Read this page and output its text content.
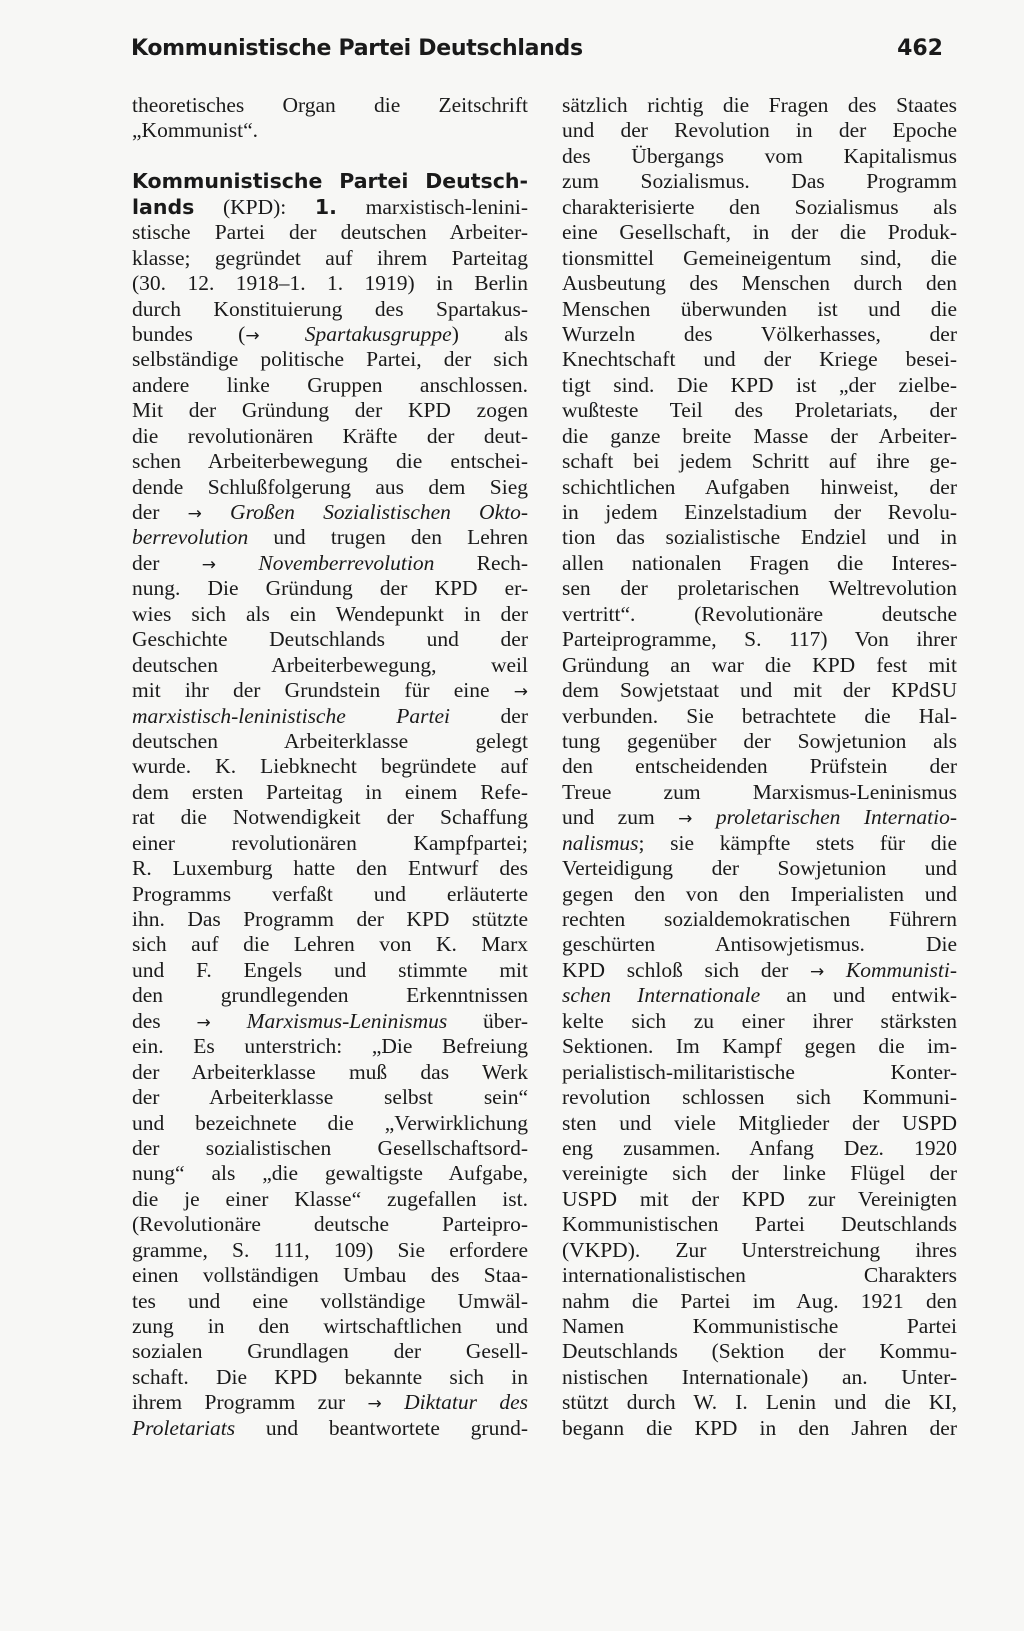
Kommunistische Partei Deutschlands	462
theoretisches Organ die Zeitschrift
„Kommunist“.
Kommunistische Partei Deutsch-
lands (KPD): 1. marxistisch-lenini-
stische Partei der deutschen Arbeiter-
klasse; gegründet auf ihrem Parteitag
(30. 12. 1918–1. 1. 1919) in Berlin
durch Konstituierung des Spartakus-
bundes (→ Spartakusgruppe) als
selbständige politische Partei, der sich
andere linke Gruppen anschlossen.
Mit der Gründung der KPD zogen
die revolutionären Kräfte der deut-
schen Arbeiterbewegung die entschei-
dende Schlußfolgerung aus dem Sieg
der → Großen Sozialistischen Okto-
berrevolution und trugen den Lehren
der → Novemberrevolution Rech-
nung. Die Gründung der KPD er-
wies sich als ein Wendepunkt in der
Geschichte Deutschlands und der
deutschen Arbeiterbewegung, weil
mit ihr der Grundstein für eine →
marxistisch-leninistische Partei der
deutschen Arbeiterklasse gelegt
wurde. K. Liebknecht begründete auf
dem ersten Parteitag in einem Refe-
rat die Notwendigkeit der Schaffung
einer revolutionären Kampfpartei;
R. Luxemburg hatte den Entwurf des
Programms verfaßt und erläuterte
ihn. Das Programm der KPD stützte
sich auf die Lehren von K. Marx
und F. Engels und stimmte mit
den grundlegenden Erkenntnissen
des → Marxismus-Leninismus über-
ein. Es unterstrich: „Die Befreiung
der Arbeiterklasse muß das Werk
der Arbeiterklasse selbst sein“
und bezeichnete die „Verwirklichung
der sozialistischen Gesellschaftsord-
nung“ als „die gewaltigste Aufgabe,
die je einer Klasse“ zugefallen ist.
(Revolutionäre deutsche Parteipro-
gramme, S. 111, 109) Sie erfordere
einen vollständigen Umbau des Staa-
tes und eine vollständige Umwäl-
zung in den wirtschaftlichen und
sozialen Grundlagen der Gesell-
schaft. Die KPD bekannte sich in
ihrem Programm zur → Diktatur des
Proletariats und beantwortete grund-
sätzlich richtig die Fragen des Staates
und der Revolution in der Epoche
des Übergangs vom Kapitalismus
zum Sozialismus. Das Programm
charakterisierte den Sozialismus als
eine Gesellschaft, in der die Produk-
tionsmittel Gemeineigentum sind, die
Ausbeutung des Menschen durch den
Menschen überwunden ist und die
Wurzeln des Völkerhasses, der
Knechtschaft und der Kriege besei-
tigt sind. Die KPD ist „der zielbe-
wußteste Teil des Proletariats, der
die ganze breite Masse der Arbeiter-
schaft bei jedem Schritt auf ihre ge-
schichtlichen Aufgaben hinweist, der
in jedem Einzelstadium der Revolu-
tion das sozialistische Endziel und in
allen nationalen Fragen die Interes-
sen der proletarischen Weltrevolution
vertritt“. (Revolutionäre deutsche
Parteiprogramme, S. 117) Von ihrer
Gründung an war die KPD fest mit
dem Sowjetstaat und mit der KPdSU
verbunden. Sie betrachtete die Hal-
tung gegenüber der Sowjetunion als
den entscheidenden Prüfstein der
Treue zum Marxismus-Leninismus
und zum → proletarischen Internatio-
nalismus; sie kämpfte stets für die
Verteidigung der Sowjetunion und
gegen den von den Imperialisten und
rechten sozialdemokratischen Führern
geschürten Antisowjetismus. Die
KPD schloß sich der → Kommunisti-
schen Internationale an und entwik-
kelte sich zu einer ihrer stärksten
Sektionen. Im Kampf gegen die im-
perialistisch-militaristische Konter-
revolution schlossen sich Kommuni-
sten und viele Mitglieder der USPD
eng zusammen. Anfang Dez. 1920
vereinigte sich der linke Flügel der
USPD mit der KPD zur Vereinigten
Kommunistischen Partei Deutschlands
(VKPD). Zur Unterstreichung ihres
internationalistischen Charakters
nahm die Partei im Aug. 1921 den
Namen Kommunistische Partei
Deutschlands (Sektion der Kommu-
nistischen Internationale) an. Unter-
stützt durch W. I. Lenin und die KI,
begann die KPD in den Jahren der
